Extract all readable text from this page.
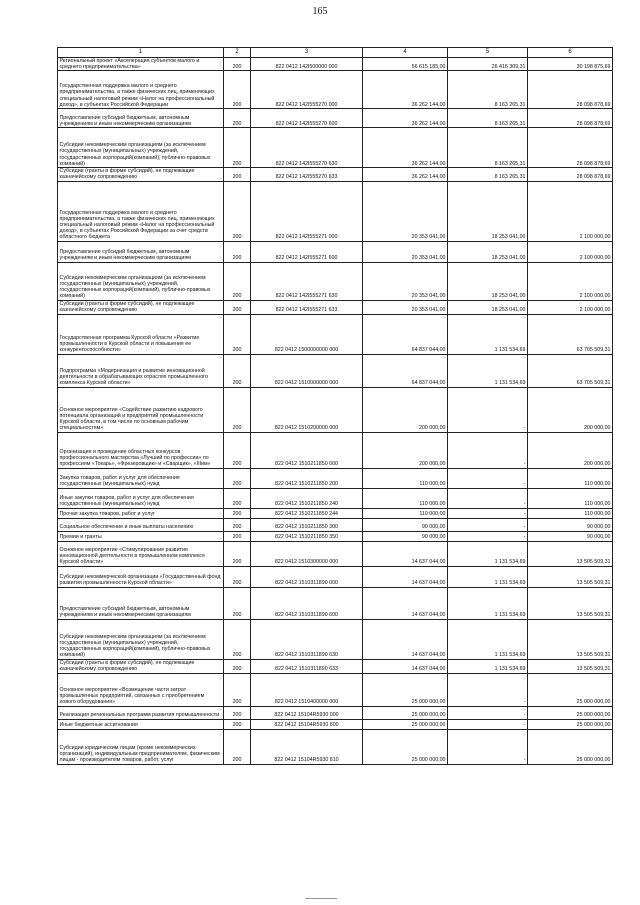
165
1	2	3	4	5	6
Региональный проект «Акселерация субъектов малого и среднего предпринимательства»	200	822 0412 142I500000 000	56 615 185,00	26 416 309,31	30 198 875,69
Государственная поддержка малого и среднего предпринимательства, а также физических лиц, применяющих специальный налоговый режим «Налог на профессиональный доход», в субъектах Российской Федерации	200	822 0412 142I555270 000	36 262 144,00	8 163 265,31	28 098 878,69
Предоставление субсидий бюджетным, автономным учреждениям и иным некоммерческим организациям	200	822 0412 142I555270 600	36 262 144,00	8 163 265,31	28 098 878,69
Субсидии некоммерческим организациям (за исключением государственных (муниципальных) учреждений, государственных корпораций(компаний), публично-правовых компаний)	200	822 0412 142I555270 630	36 262 144,00	8 163 265,31	28 098 878,69
Субсидии (гранты в форме субсидий), не подлежащие казначейскому сопровождению	200	822 0412 142I555270 633	36 262 144,00	8 163 265,31	28 098 878,69
Государственная поддержка малого и среднего предпринимательства, а также физических лиц, применяющих специальный налоговый режим «Налог на профессиональный доход», в субъектах Российской Федерации за счет средств областного бюджета	200	822 0412 142I555271 000	20 353 041,00	18 253 041,00	2 100 000,00
Предоставление субсидий бюджетным, автономным учреждениям и иным некоммерческим организациям	200	822 0412 142I555271 600	20 353 041,00	18 253 041,00	2 100 000,00
Субсидии некоммерческим организациям (за исключением государственных (муниципальных) учреждений, государственных корпораций(компаний), публично-правовых компаний)	200	822 0412 142I555271 630	20 353 041,00	18 253 041,00	2 100 000,00
Субсидии (гранты в форме субсидий), не подлежащие казначейскому сопровождению	200	822 0412 142I555271 633	20 353 041,00	18 253 041,00	2 100 000,00
Государственная программа Курской области «Развитие промышленности в Курской области и повышение ее конкурентоспособности»	200	822 0412 1500000000 000	64 837 044,00	1 131 534,69	63 705 509,31
Подпрограмма «Модернизация и развитие инновационной деятельности в обрабатывающих отраслях промышленного комплекса Курской области»	200	822 0412 1510000000 000	64 837 044,00	1 131 534,69	63 705 509,31
Основное мероприятие «Содействие развитию кадрового потенциала организаций и предприятий промышленности Курской области, в том числе по основным рабочим специальностям»	200	822 0412 1510200000 000	200 000,00	-	200 000,00
Организация и проведение областных конкурсов профессионального мастерства «Лучший по профессии» по профессиям «Токарь», «Фрезеровщик» и «Сварщик», «IIIим»	200	822 0412 1510211850 000	200 000,00	-	200 000,00
Закупка товаров, работ и услуг для обеспечения государственных (муниципальных) нужд	200	822 0412 1510211850 200	110 000,00	-	110 000,00
Иные закупки товаров, работ и услуг для обеспечения государственных (муниципальных) нужд	200	822 0412 1510211850 240	110 000,00	-	110 000,00
Прочая закупка товаров, работ и услуг	200	822 0412 1510211850 244	110 000,00	-	110 000,00
Социальное обеспечение и иные выплаты населению	200	822 0412 1510211850 300	90 000,00	-	90 000,00
Премии и гранты	200	822 0412 1510211850 350	90 000,00	-	90 000,00
Основное мероприятие «Стимулирование развития инновационной деятельности в промышленном комплексе Курской области»	200	822 0412 1510300000 000	14 637 044,00	1 131 534,69	13 505 509,31
Субсидии некоммерческой организации «Государственный фонд развития промышленности Курской области»	200	822 0412 1510311890 000	14 637 044,00	1 131 534,69	13 505 509,31
Предоставление субсидий бюджетным, автономным учреждениям и иным некоммерческим организациям	200	822 0412 1510311890 600	14 637 044,00	1 131 534,69	13 505 509,31
Субсидии некоммерческим организациям (за исключением государственных (муниципальных) учреждений, государственных корпораций(компаний), публично-правовых компаний)	200	822 0412 1510311890 630	14 637 044,00	1 131 534,69	13 505 509,31
Субсидии (гранты в форме субсидий), не подлежащие казначейскому сопровождению	200	822 0412 1510311890 633	14 637 044,00	1 131 534,69	13 505 509,31
Основное мероприятие «Возмещение части затрат промышленных предприятий, связанных с приобретением нового оборудования»	200	822 0412 1510400000 000	25 000 000,00	-	25 000 000,00
Реализация региональных программ развития промышленности	200	822 0412 15104R5930 000	25 000 000,00	-	25 000 000,00
Иные бюджетные ассигнования	200	822 0412 15104R5930 800	25 000 000,00	-	25 000 000,00
Субсидии юридическим лицам (кроме некоммерческих организаций), индивидуальным предпринимателям, физическим лицам - производителям товаров, работ, услуг	200	822 0412 15104R5930 810	25 000 000,00	-	25 000 000,00
